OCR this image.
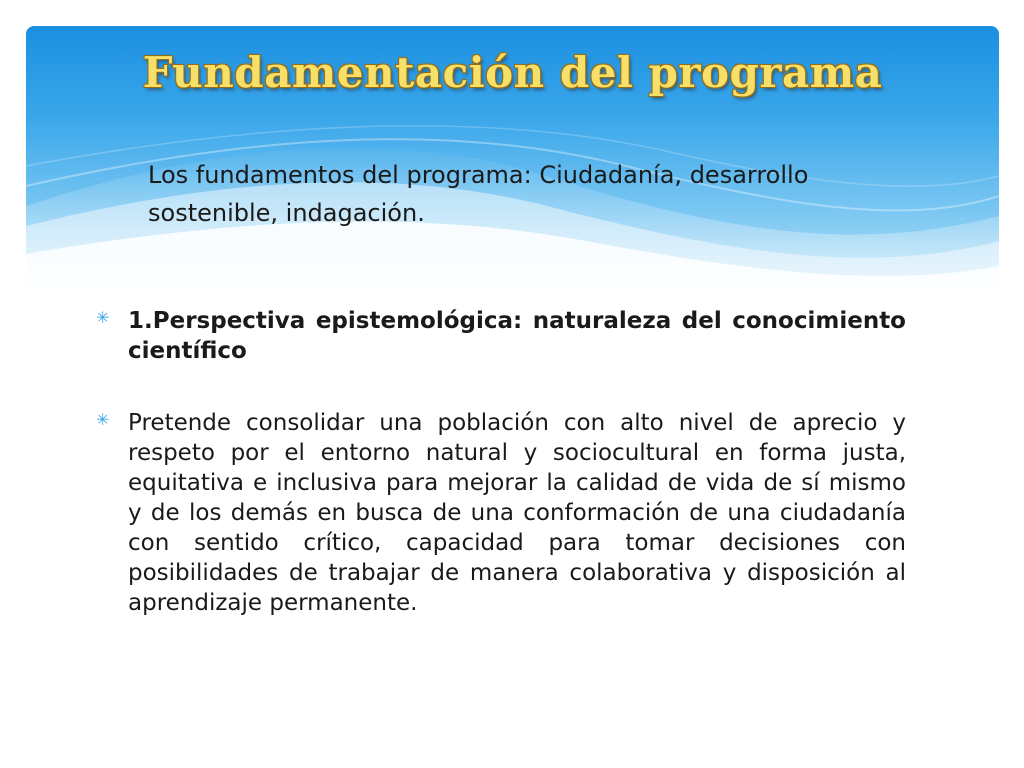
Fundamentación del programa

Los fundamentos del programa: Ciudadanía, desarrollo sostenible, indagación.

✳ 1.Perspectiva epistemológica: naturaleza del conocimiento científico
✳ Pretende consolidar una población con alto nivel de aprecio y respeto por el entorno natural y sociocultural en forma justa, equitativa e inclusiva para mejorar la calidad de vida de sí mismo y de los demás en busca de una conformación de una ciudadanía con sentido crítico, capacidad para tomar decisiones con posibilidades de trabajar de manera colaborativa y disposición al aprendizaje permanente.
